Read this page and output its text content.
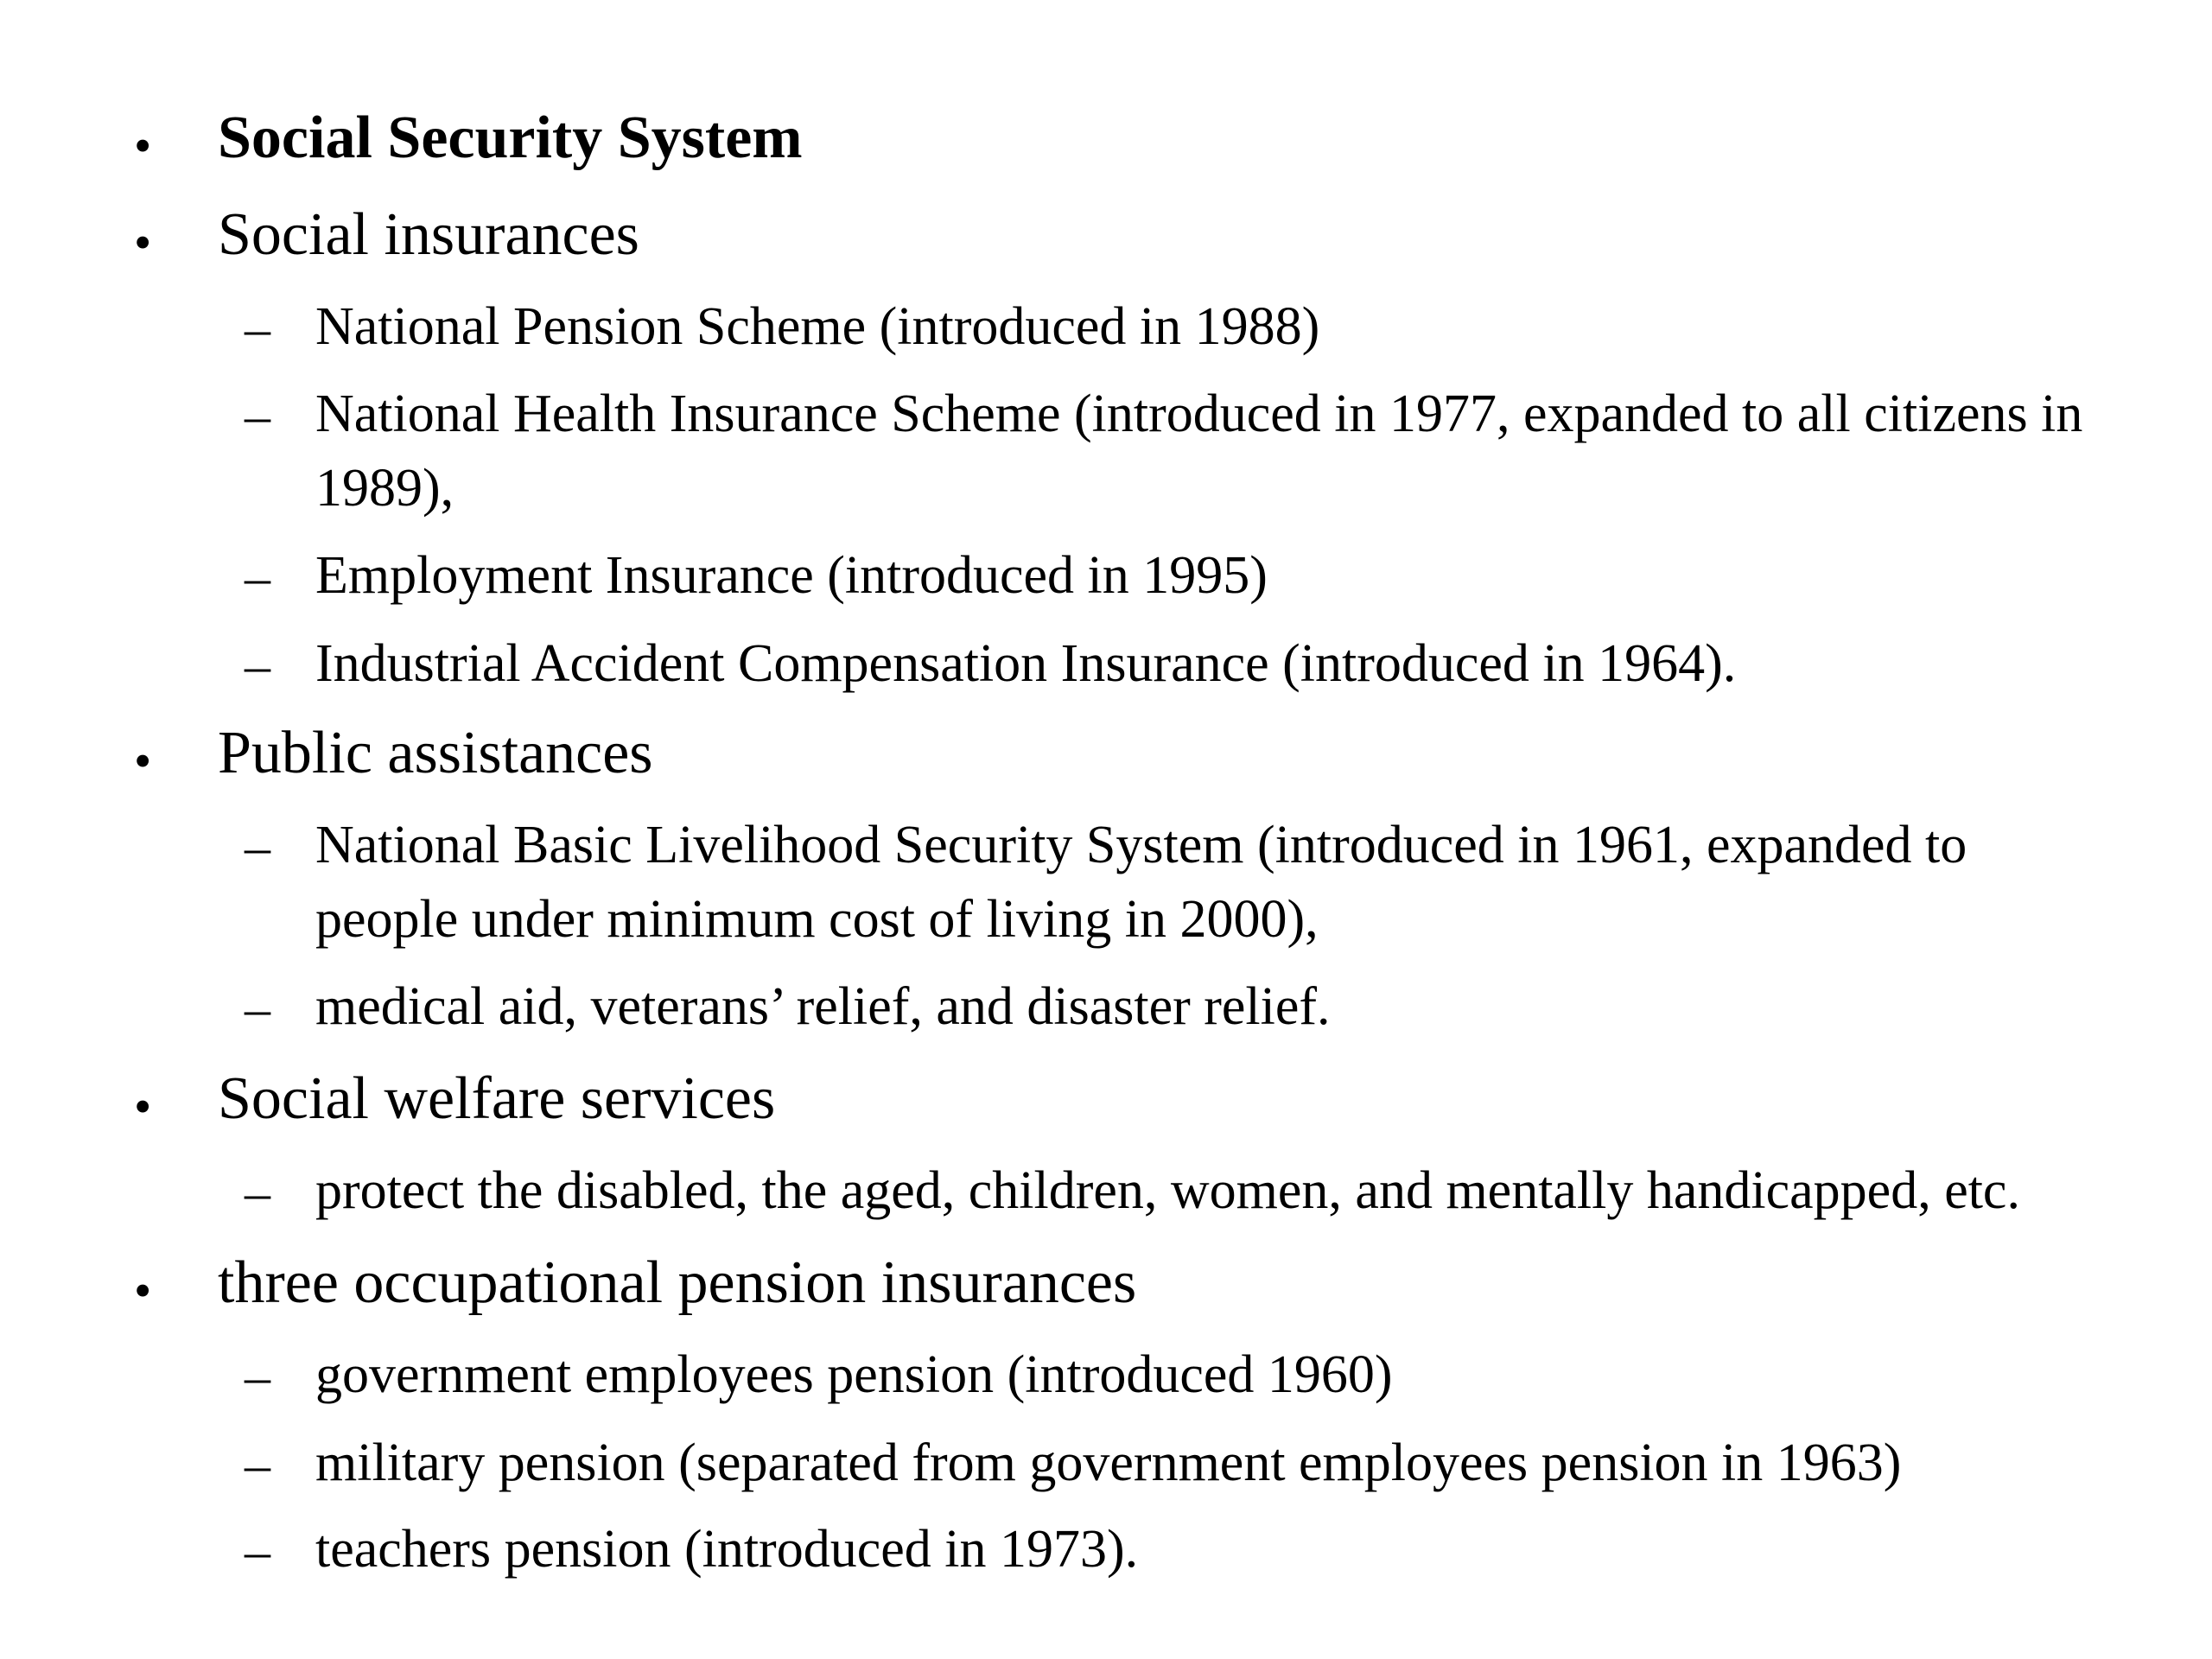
• Social Security System
• Social insurances
– National Pension Scheme (introduced in 1988)
– National Health Insurance Scheme (introduced in 1977, expanded to all citizens in 1989),
– Employment Insurance (introduced in 1995)
– Industrial Accident Compensation Insurance (introduced in 1964).
• Public assistances
– National Basic Livelihood Security System (introduced in 1961, expanded to people under minimum cost of living in 2000),
– medical aid, veterans’ relief, and disaster relief.
• Social welfare services
– protect the disabled, the aged, children, women, and mentally handicapped, etc.
• three occupational pension insurances
– government employees pension (introduced 1960)
– military pension (separated from government employees pension in 1963)
– teachers pension (introduced in 1973).
